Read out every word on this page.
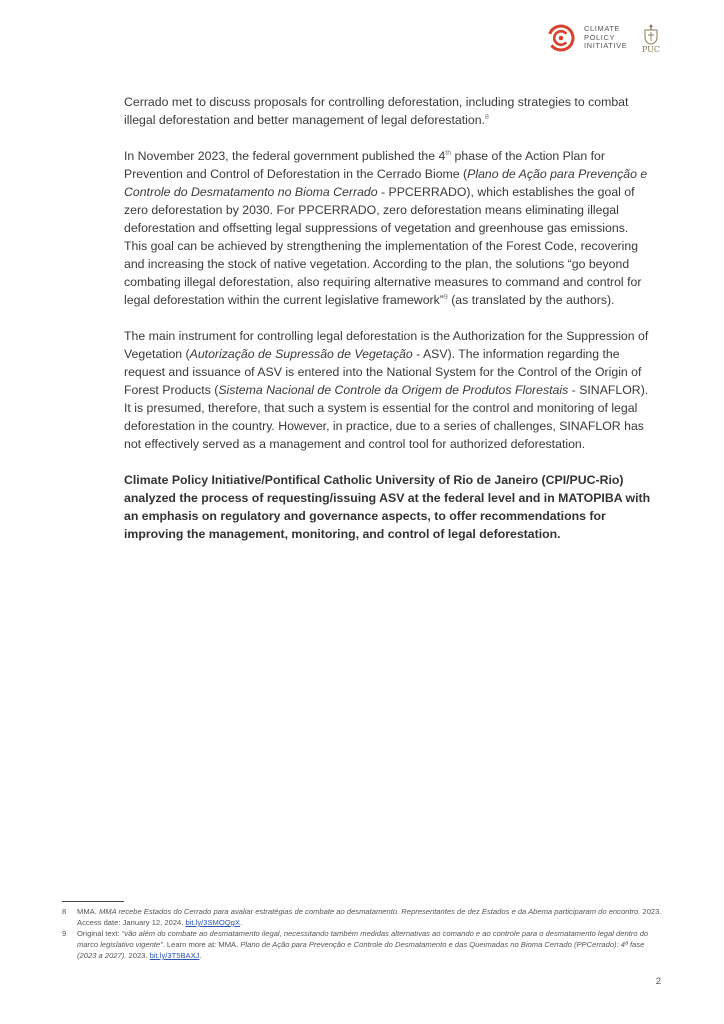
CLIMATE
POLICY
INITIATIVE	PUC

Cerrado met to discuss proposals for controlling deforestation, including strategies to combat illegal deforestation and better management of legal deforestation.$^8$

In November 2023, the federal government published the 4th phase of the Action Plan for Prevention and Control of Deforestation in the Cerrado Biome (Plano de Ação para Prevenção e Controle do Desmatamento no Bioma Cerrado - PPCERRADO), which establishes the goal of zero deforestation by 2030. For PPCERRADO, zero deforestation means eliminating illegal deforestation and offsetting legal suppressions of vegetation and greenhouse gas emissions. This goal can be achieved by strengthening the implementation of the Forest Code, recovering and increasing the stock of native vegetation. According to the plan, the solutions “go beyond combating illegal deforestation, also requiring alternative measures to command and control for legal deforestation within the current legislative framework”$^9$ (as translated by the authors).

The main instrument for controlling legal deforestation is the Authorization for the Suppression of Vegetation (Autorização de Supressão de Vegetação - ASV). The information regarding the request and issuance of ASV is entered into the National System for the Control of the Origin of Forest Products (Sistema Nacional de Controle da Origem de Produtos Florestais - SINAFLOR). It is presumed, therefore, that such a system is essential for the control and monitoring of legal deforestation in the country. However, in practice, due to a series of challenges, SINAFLOR has not effectively served as a management and control tool for authorized deforestation.

Climate Policy Initiative/Pontifical Catholic University of Rio de Janeiro (CPI/PUC-Rio) analyzed the process of requesting/issuing ASV at the federal level and in MATOPIBA with an emphasis on regulatory and governance aspects, to offer recommendations for improving the management, monitoring, and control of legal deforestation.

8	MMA. MMA recebe Estados do Cerrado para avaliar estratégias de combate ao desmatamento. Representantes de dez Estados e da Abema participaram do encontro. 2023. Access date: January 12, 2024. bit.ly/3SMOQgX.
9	Original text: “vão além do combate ao desmatamento ilegal, necessitando também medidas alternativas ao comando e ao controle para o desmatamento legal dentro do marco legislativo vigente”. Learn more at: MMA. Plano de Ação para Prevenção e Controle do Desmatamento e das Queimadas no Bioma Cerrado (PPCerrado): 4ª fase (2023 a 2027). 2023. bit.ly/3T5BAXJ.
2
